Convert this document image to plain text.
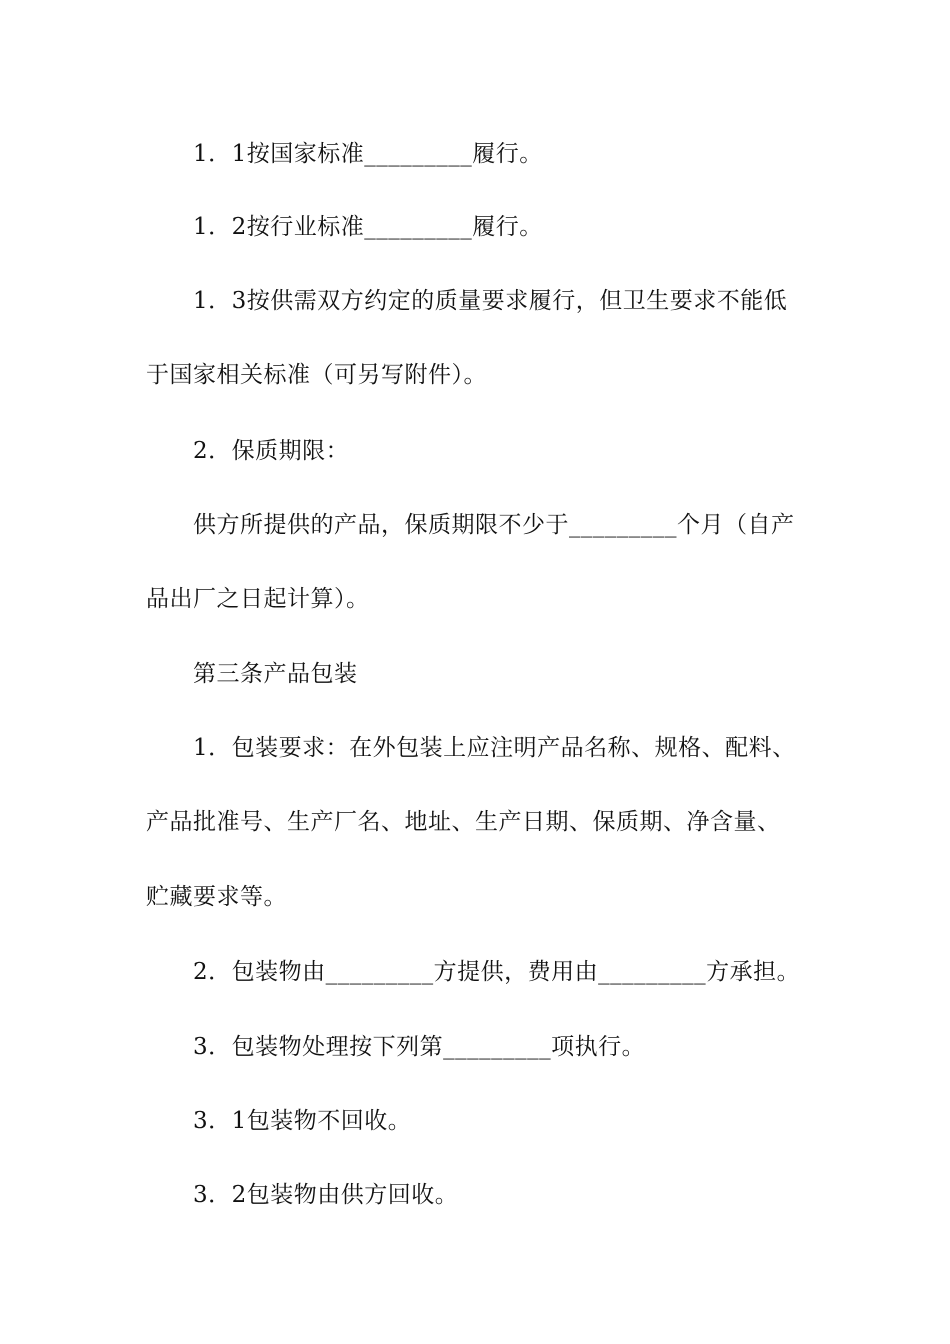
1．1按国家标准_________履行。
1．2按行业标准_________履行。
1．3按供需双方约定的质量要求履行，但卫生要求不能低
于国家相关标准（可另写附件）。
2．保质期限：
供方所提供的产品，保质期限不少于_________个月（自产
品出厂之日起计算）。
第三条产品包装
1．包装要求：在外包装上应注明产品名称、规格、配料、
产品批准号、生产厂名、地址、生产日期、保质期、净含量、
贮藏要求等。
2．包装物由_________方提供，费用由_________方承担。
3．包装物处理按下列第_________项执行。
3．1包装物不回收。
3．2包装物由供方回收。
